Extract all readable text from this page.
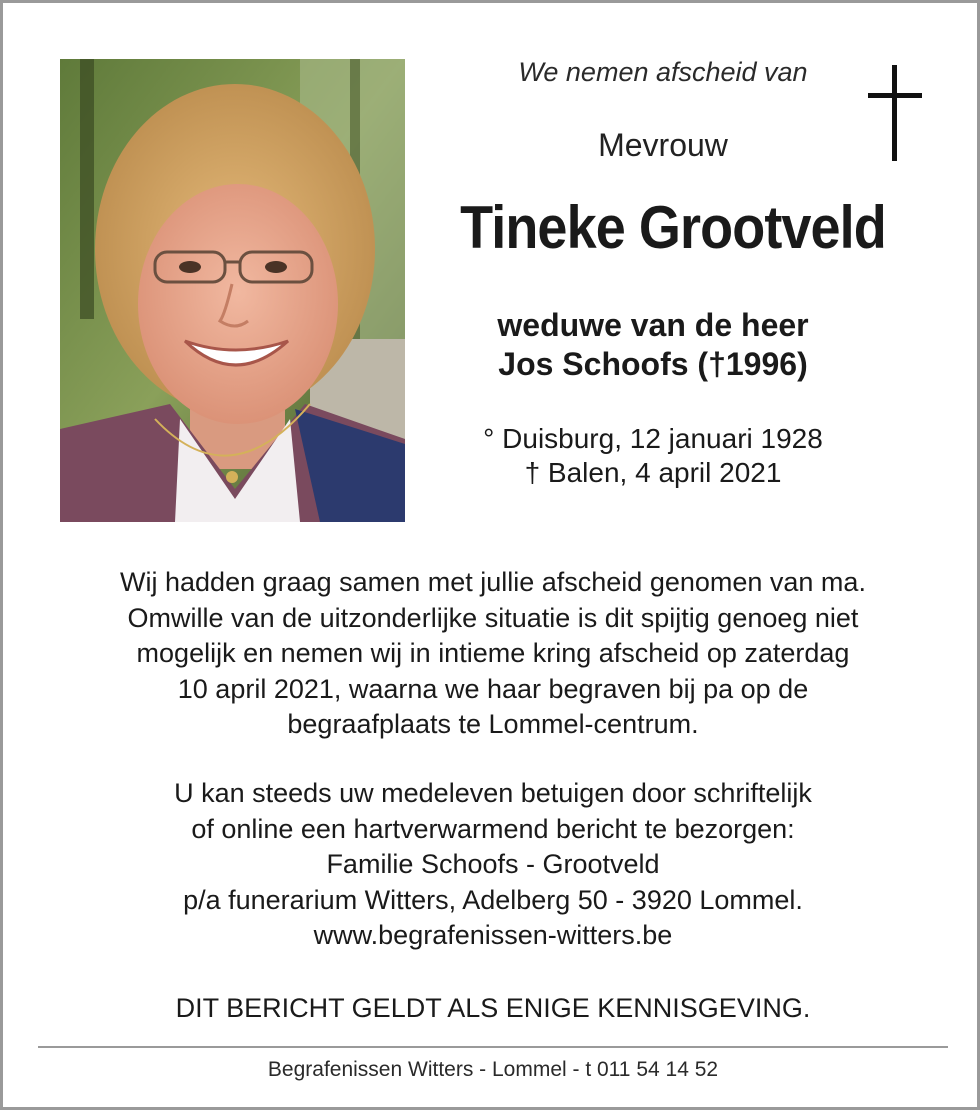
We nemen afscheid van
Mevrouw
Tineke Grootveld
weduwe van de heer
Jos Schoofs (†1996)
° Duisburg, 12 januari 1928
† Balen, 4 april 2021
Wij hadden graag samen met jullie afscheid genomen van ma.
Omwille van de uitzonderlijke situatie is dit spijtig genoeg niet
mogelijk en nemen wij in intieme kring afscheid op zaterdag
10 april 2021, waarna we haar begraven bij pa op de
begraafplaats te Lommel-centrum.
U kan steeds uw medeleven betuigen door schriftelijk
of online een hartverwarmend bericht te bezorgen:
Familie Schoofs - Grootveld
p/a funerarium Witters, Adelberg 50 - 3920 Lommel.
www.begrafenissen-witters.be
DIT BERICHT GELDT ALS ENIGE KENNISGEVING.
Begrafenissen Witters - Lommel - t 011 54 14 52
